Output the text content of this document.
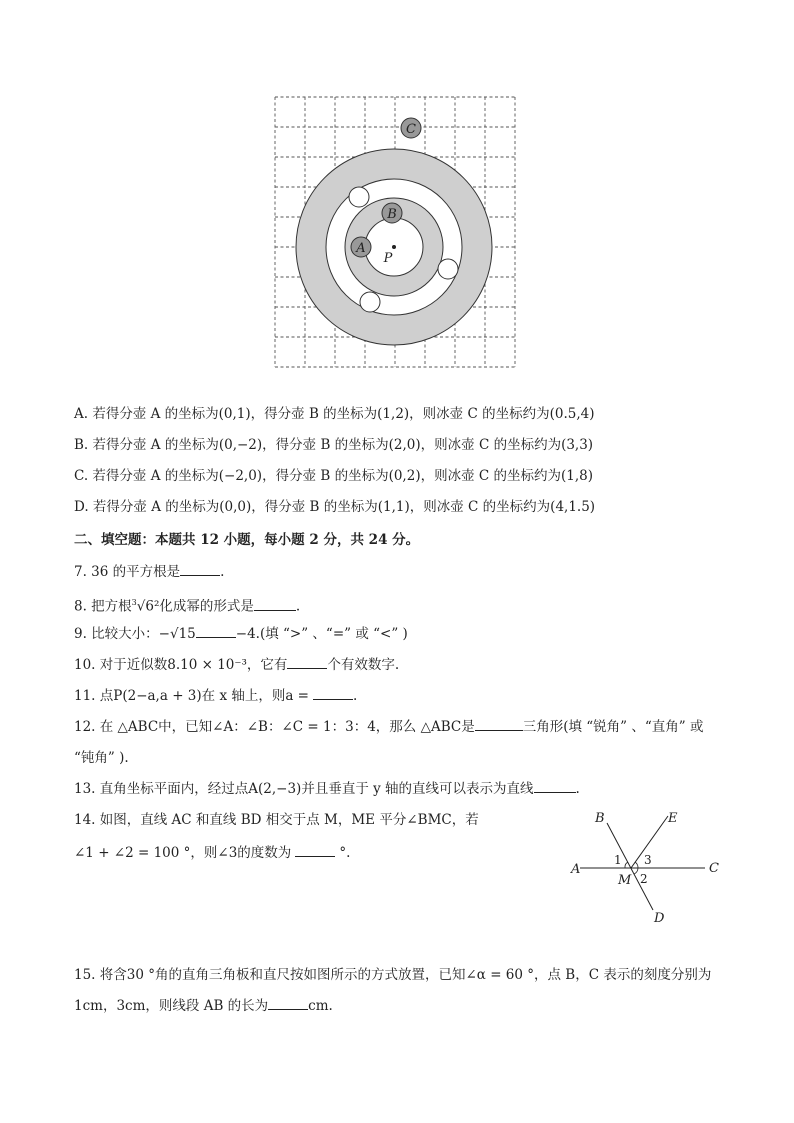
A
B
C
P
A. 若得分壶 A 的坐标为(0,1)，得分壶 B 的坐标为(1,2)，则冰壶 C 的坐标约为(0.5,4)
B. 若得分壶 A 的坐标为(0,−2)，得分壶 B 的坐标为(2,0)，则冰壶 C 的坐标约为(3,3)
C. 若得分壶 A 的坐标为(−2,0)，得分壶 B 的坐标为(0,2)，则冰壶 C 的坐标约为(1,8)
D. 若得分壶 A 的坐标为(0,0)，得分壶 B 的坐标为(1,1)，则冰壶 C 的坐标约为(4,1.5)
二、填空题：本题共 12 小题，每小题 2 分，共 24 分。
7. 36 的平方根是	.
8. 把方根$^3$√6²化成幂的形式是	.
9. 比较大小：−√15	−4.(填 “>” 、“=” 或 “<” )
10. 对于近似数8.10 × 10⁻³，它有	个有效数字.
11. 点P(2−a,a + 3)在 x 轴上，则a =	.
12. 在 △ABC中，已知∠A：∠B：∠C = 1：3：4，那么 △ABC是	三角形(填 “锐角” 、“直角” 或
“钝角” ).
13. 直角坐标平面内，经过点A(2,−3)并且垂直于 y 轴的直线可以表示为直线	.
14. 如图，直线 AC 和直线 BD 相交于点 M，ME 平分∠BMC，若
∠1 + ∠2 = 100 °，则∠3的度数为	°.
A	C
B	E
D
M
1
2
3
15. 将含30 °角的直角三角板和直尺按如图所示的方式放置，已知∠α = 60 °，点 B，C 表示的刻度分别为
1cm，3cm，则线段 AB 的长为	cm.
